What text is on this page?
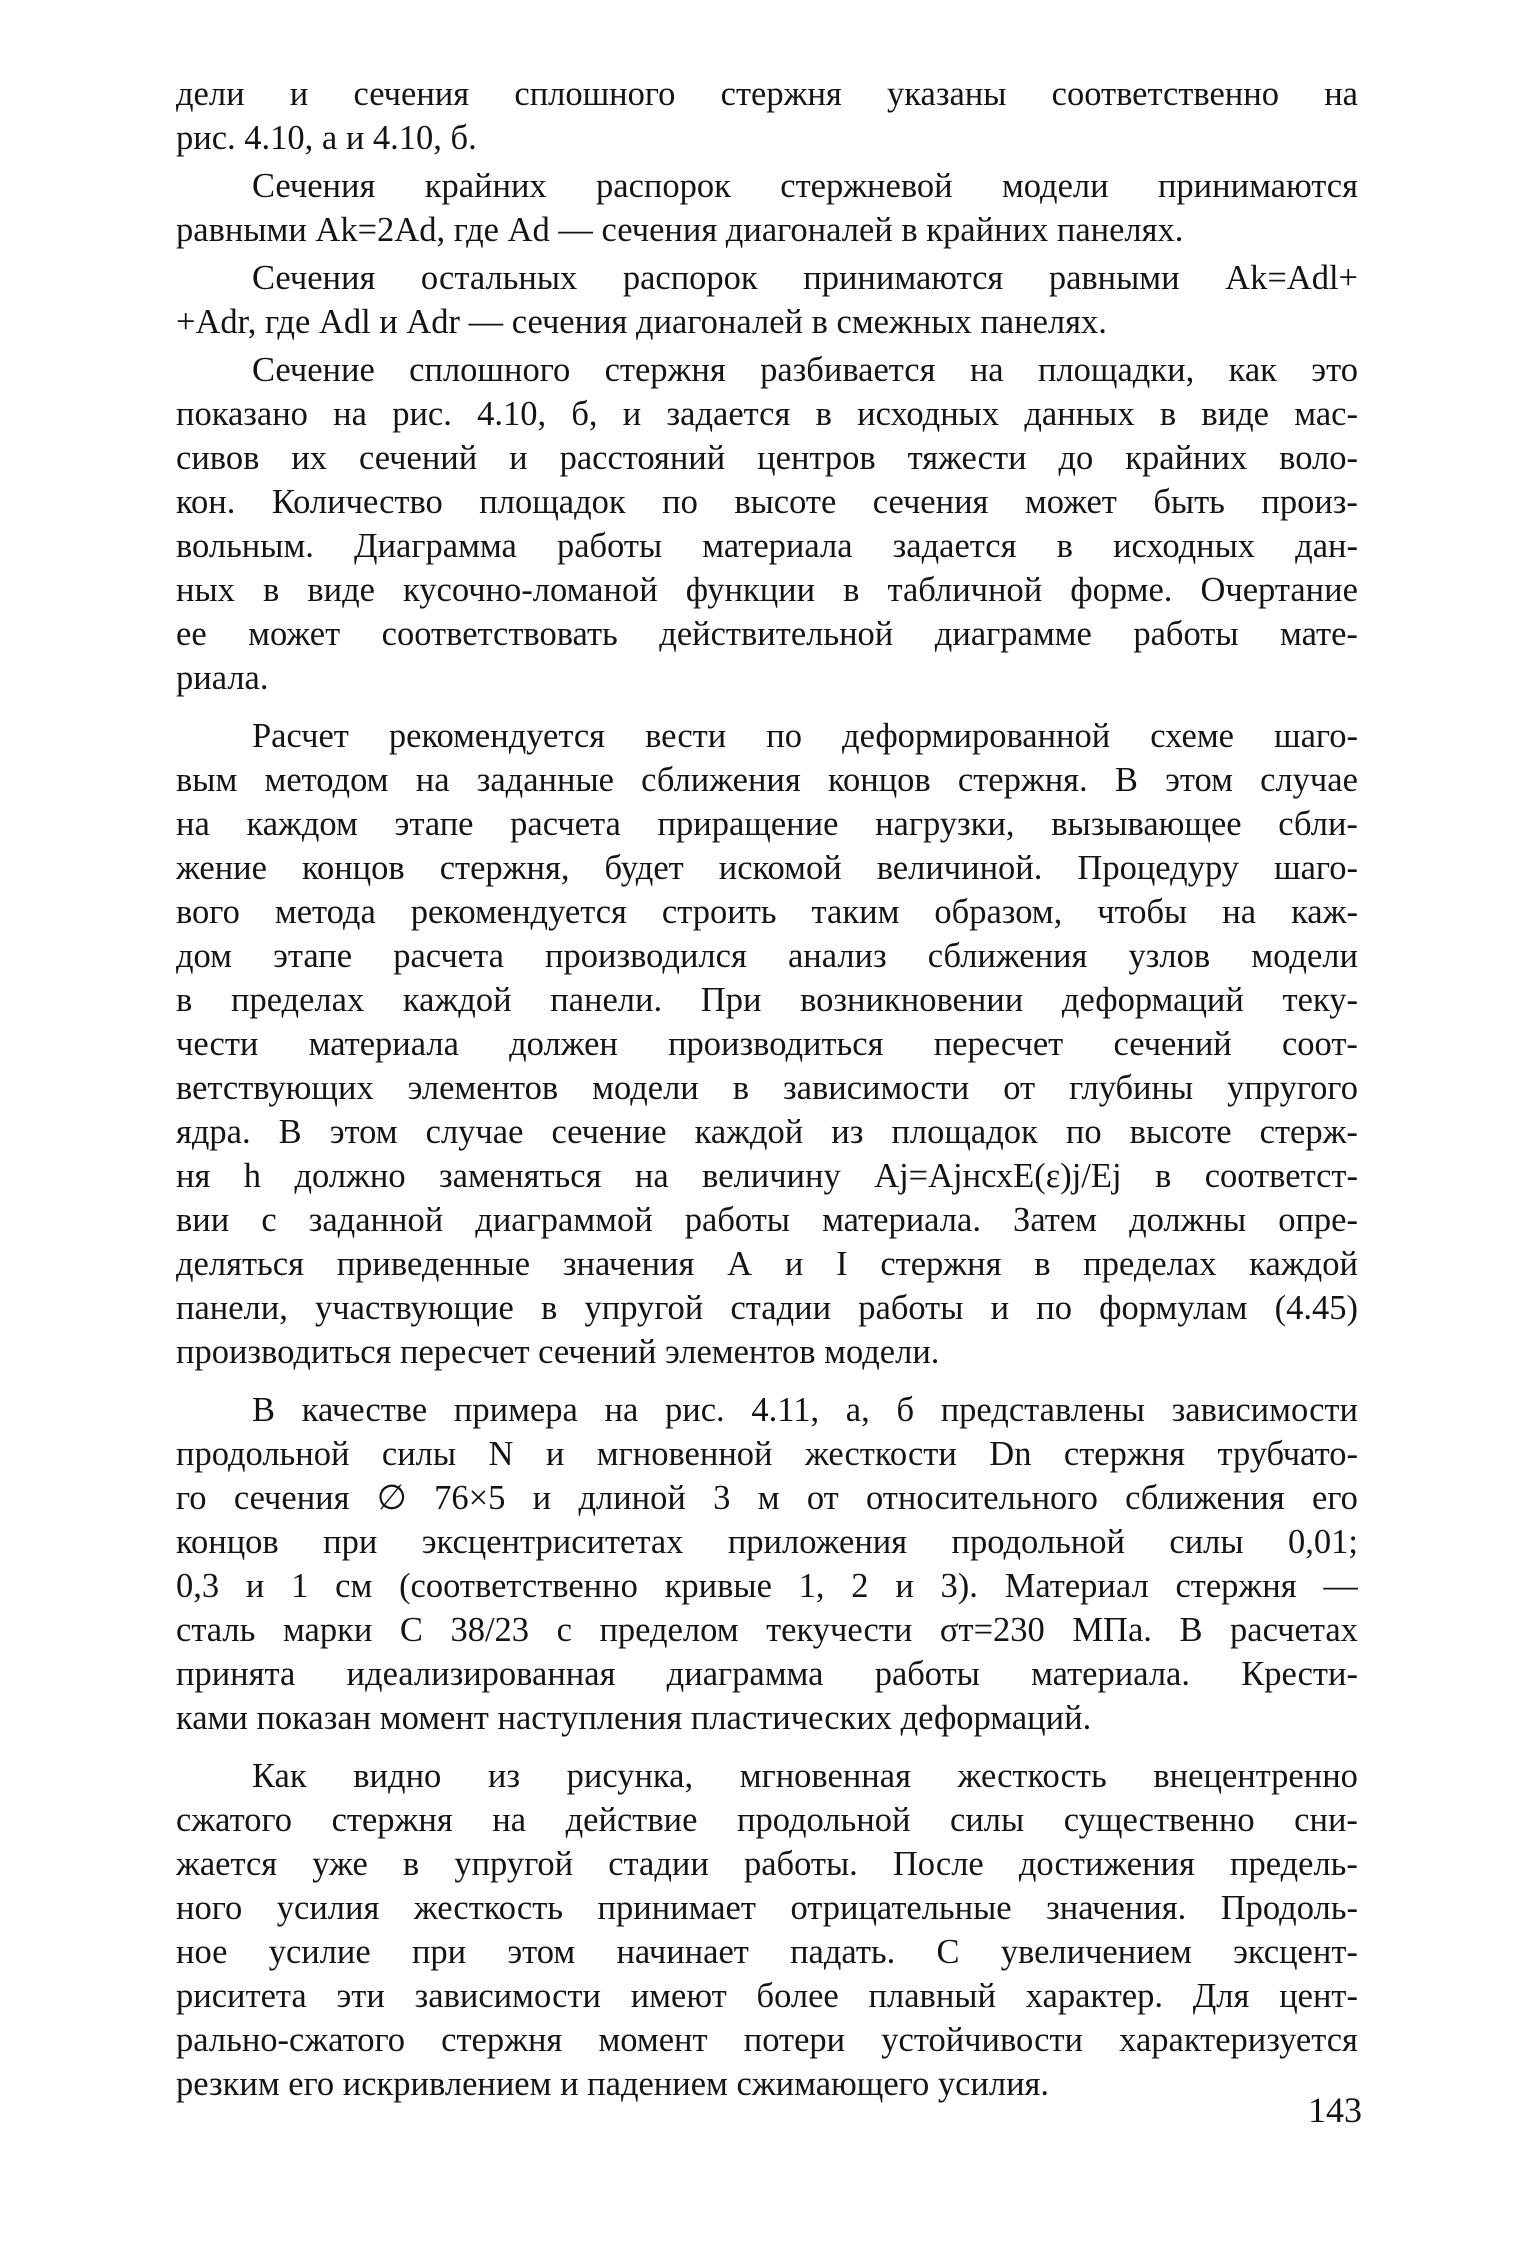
дели и сечения сплошного стержня указаны соответственно на
рис. 4.10, a и 4.10, б.
Сечения крайних распорок стержневой модели принимаются
равными Ak=2Ad, где Ad — сечения диагоналей в крайних панелях.
Сечения остальных распорок принимаются равными Ak=Adl+
+Adr, где Adl и Adr — сечения диагоналей в смежных панелях.
Сечение сплошного стержня разбивается на площадки, как это
показано на рис. 4.10, б, и задается в исходных данных в виде мас-
сивов их сечений и расстояний центров тяжести до крайних воло-
кон. Количество площадок по высоте сечения может быть произ-
вольным. Диаграмма работы материала задается в исходных дан-
ных в виде кусочно-ломаной функции в табличной форме. Очертание
ее может соответствовать действительной диаграмме работы мате-
риала.
Расчет рекомендуется вести по деформированной схеме шаго-
вым методом на заданные сближения концов стержня. В этом случае
на каждом этапе расчета приращение нагрузки, вызывающее сбли-
жение концов стержня, будет искомой величиной. Процедуру шаго-
вого метода рекомендуется строить таким образом, чтобы на каж-
дом этапе расчета производился анализ сближения узлов модели
в пределах каждой панели. При возникновении деформаций теку-
чести материала должен производиться пересчет сечений соот-
ветствующих элементов модели в зависимости от глубины упругого
ядра. В этом случае сечение каждой из площадок по высоте стерж-
ня h должно заменяться на величину Aj=AjнсхE(ε)j/Ej в соответст-
вии с заданной диаграммой работы материала. Затем должны опре-
деляться приведенные значения A и I стержня в пределах каждой
панели, участвующие в упругой стадии работы и по формулам (4.45)
производиться пересчет сечений элементов модели.
В качестве примера на рис. 4.11, a, б представлены зависимости
продольной силы N и мгновенной жесткости Dn стержня трубчато-
го сечения ∅ 76×5 и длиной 3 м от относительного сближения его
концов при эксцентриситетах приложения продольной силы 0,01;
0,3 и 1 см (соответственно кривые 1, 2 и 3). Материал стержня —
сталь марки С 38/23 с пределом текучести σт=230 МПа. В расчетах
принята идеализированная диаграмма работы материала. Крести-
ками показан момент наступления пластических деформаций.
Как видно из рисунка, мгновенная жесткость внецентренно
сжатого стержня на действие продольной силы существенно сни-
жается уже в упругой стадии работы. После достижения предель-
ного усилия жесткость принимает отрицательные значения. Продоль-
ное усилие при этом начинает падать. С увеличением эксцент-
риситета эти зависимости имеют более плавный характер. Для цент-
рально-сжатого стержня момент потери устойчивости характеризуется
резким его искривлением и падением сжимающего усилия.
143
